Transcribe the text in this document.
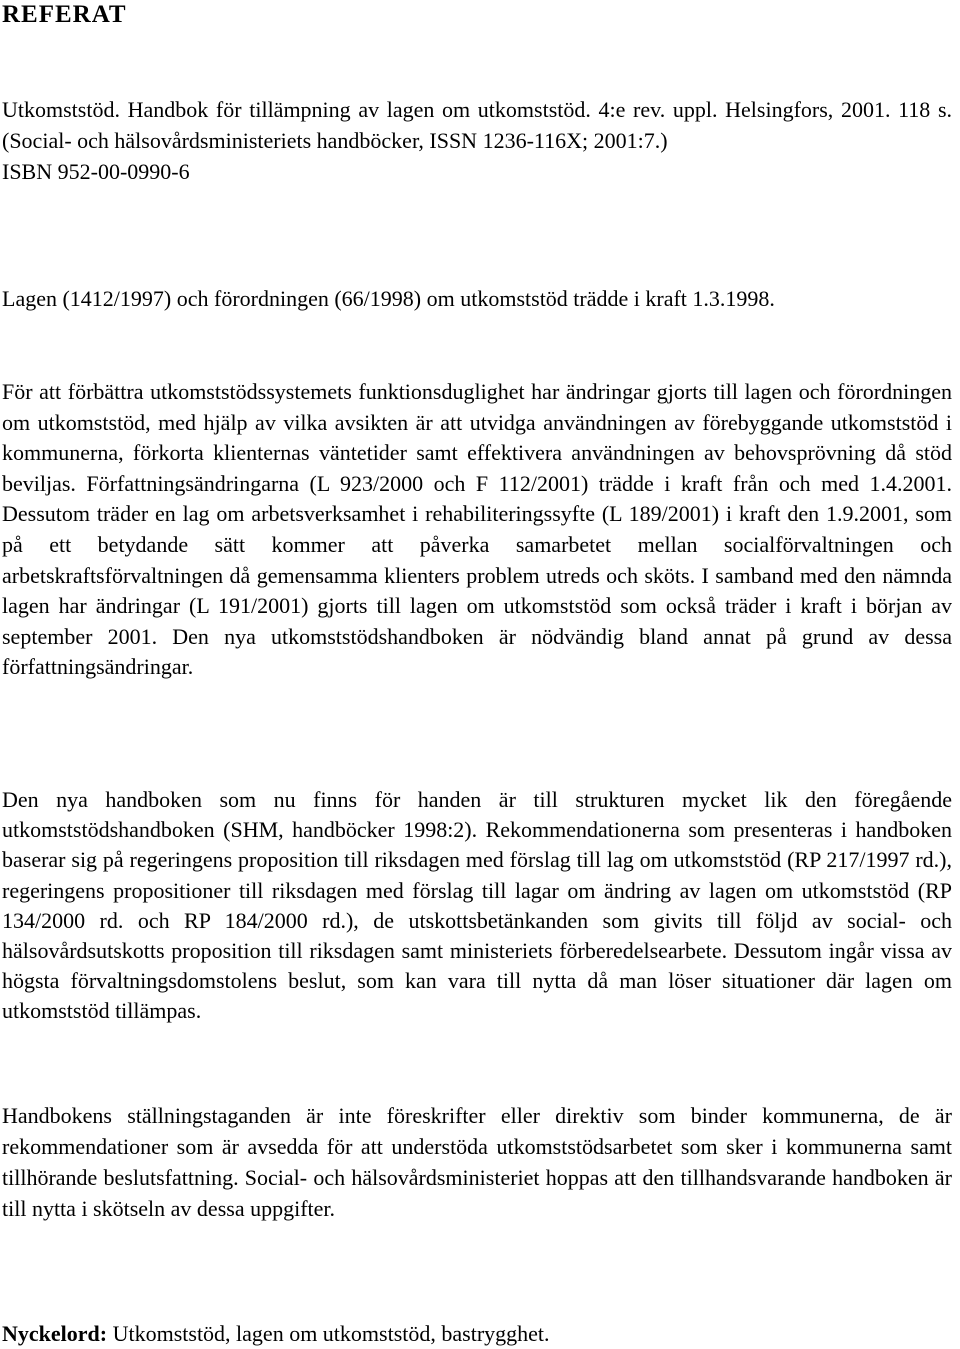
REFERAT
Utkomststöd. Handbok för tillämpning av lagen om utkomststöd. 4:e rev. uppl. Helsingfors, 2001. 118 s. (Social- och hälsovårdsministeriets handböcker, ISSN 1236-116X; 2001:7.)
ISBN 952-00-0990-6

Lagen (1412/1997) och förordningen (66/1998) om utkomststöd trädde i kraft 1.3.1998.

För att förbättra utkomststödssystemets funktionsduglighet har ändringar gjorts till lagen och förordningen om utkomststöd, med hjälp av vilka avsikten är att utvidga användningen av förebyggande utkomststöd i kommunerna, förkorta klienternas väntetider samt effektivera användningen av behovsprövning då stöd beviljas. Författningsändringarna (L 923/2000 och F 112/2001) trädde i kraft från och med 1.4.2001. Dessutom träder en lag om arbetsverksamhet i rehabiliteringssyfte (L 189/2001) i kraft den 1.9.2001, som på ett betydande sätt kommer att påverka samarbetet mellan socialförvaltningen och arbetskraftsförvaltningen då gemensamma klienters problem utreds och sköts. I samband med den nämnda lagen har ändringar (L 191/2001) gjorts till lagen om utkomststöd som också träder i kraft i början av september 2001. Den nya utkomststödshandboken är nödvändig bland annat på grund av dessa författningsändringar.

Den nya handboken som nu finns för handen är till strukturen mycket lik den föregående utkomststödshandboken (SHM, handböcker 1998:2). Rekommendationerna som presenteras i handboken baserar sig på regeringens proposition till riksdagen med förslag till lag om utkomststöd (RP 217/1997 rd.), regeringens propositioner till riksdagen med förslag till lagar om ändring av lagen om utkomststöd (RP 134/2000 rd. och RP 184/2000 rd.), de utskottsbetänkanden som givits till följd av social- och hälsovårdsutskotts proposition till riksdagen samt ministeriets förberedelsearbete. Dessutom ingår vissa av högsta förvaltningsdomstolens beslut, som kan vara till nytta då man löser situationer där lagen om utkomststöd tillämpas.

Handbokens ställningstaganden är inte föreskrifter eller direktiv som binder kommunerna, de är rekommendationer som är avsedda för att understöda utkomststödsarbetet som sker i kommunerna samt tillhörande beslutsfattning. Social- och hälsovårdsministeriet hoppas att den tillhandsvarande handboken är till nytta i skötseln av dessa uppgifter.

Nyckelord: Utkomststöd, lagen om utkomststöd, bastrygghet.
